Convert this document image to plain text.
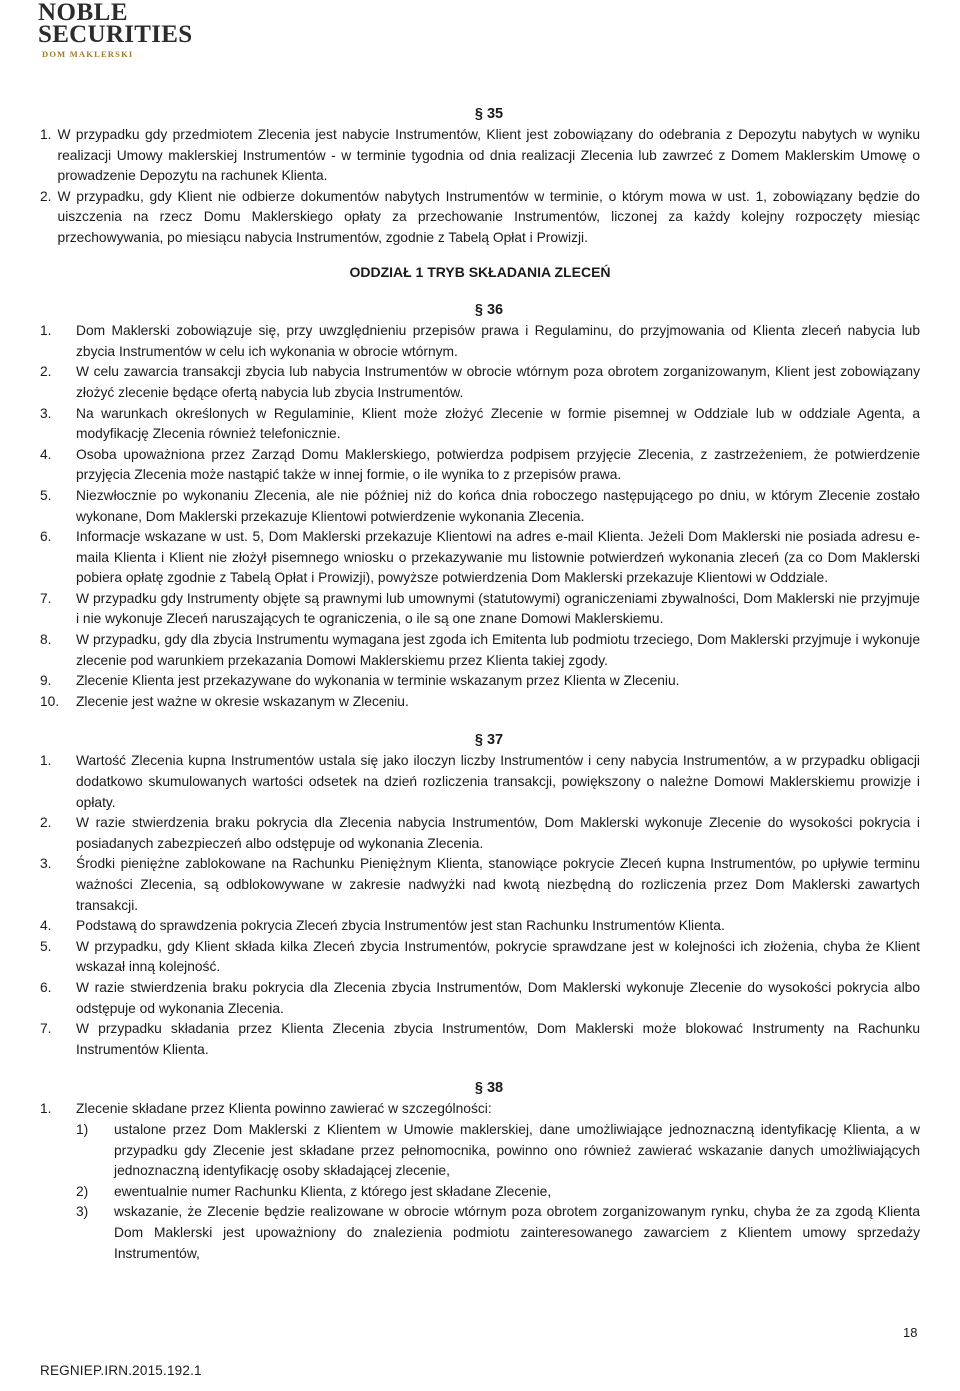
NOBLE
SECURITIES
DOM MAKLERSKI
§ 35
1. W przypadku gdy przedmiotem Zlecenia jest nabycie Instrumentów, Klient jest zobowiązany do odebrania z Depozytu nabytych w wyniku realizacji Umowy maklerskiej Instrumentów - w terminie tygodnia od dnia realizacji Zlecenia lub zawrzeć z Domem Maklerskim Umowę o prowadzenie Depozytu na rachunek Klienta.
2. W przypadku, gdy Klient nie odbierze dokumentów nabytych Instrumentów w terminie, o którym mowa w ust. 1, zobowiązany będzie do uiszczenia na rzecz Domu Maklerskiego opłaty za przechowanie Instrumentów, liczonej za każdy kolejny rozpoczęty miesiąc przechowywania, po miesiącu nabycia Instrumentów, zgodnie z Tabelą Opłat i Prowizji.
ODDZIAŁ 1 TRYB SKŁADANIA ZLECEŃ
§ 36
1.	Dom Maklerski zobowiązuje się, przy uwzględnieniu przepisów prawa i Regulaminu, do przyjmowania od Klienta zleceń nabycia lub zbycia Instrumentów w celu ich wykonania w obrocie wtórnym.
2.	W celu zawarcia transakcji zbycia lub nabycia Instrumentów w obrocie wtórnym poza obrotem zorganizowanym, Klient jest zobowiązany złożyć zlecenie będące ofertą nabycia lub zbycia Instrumentów.
3.	Na warunkach określonych w Regulaminie, Klient może złożyć Zlecenie w formie pisemnej w Oddziale lub w oddziale Agenta, a modyfikację Zlecenia również telefonicznie.
4.	Osoba upoważniona przez Zarząd Domu Maklerskiego, potwierdza podpisem przyjęcie Zlecenia, z zastrzeżeniem, że potwierdzenie przyjęcia Zlecenia może nastąpić także w innej formie, o ile wynika to z przepisów prawa.
5.	Niezwłocznie po wykonaniu Zlecenia, ale nie później niż do końca dnia roboczego następującego po dniu, w którym Zlecenie zostało wykonane, Dom Maklerski przekazuje Klientowi potwierdzenie wykonania Zlecenia.
6.	Informacje wskazane w ust. 5, Dom Maklerski przekazuje Klientowi na adres e-mail Klienta. Jeżeli Dom Maklerski nie posiada adresu e-maila Klienta i Klient nie złożył pisemnego wniosku o przekazywanie mu listownie potwierdzeń wykonania zleceń (za co Dom Maklerski pobiera opłatę zgodnie z Tabelą Opłat i Prowizji), powyższe potwierdzenia Dom Maklerski przekazuje Klientowi w Oddziale.
7.	W przypadku gdy Instrumenty objęte są prawnymi lub umownymi (statutowymi) ograniczeniami zbywalności, Dom Maklerski nie przyjmuje i nie wykonuje Zleceń naruszających te ograniczenia, o ile są one znane Domowi Maklerskiemu.
8.	W przypadku, gdy dla zbycia Instrumentu wymagana jest zgoda ich Emitenta lub podmiotu trzeciego, Dom Maklerski przyjmuje i wykonuje zlecenie pod warunkiem przekazania Domowi Maklerskiemu przez Klienta takiej zgody.
9.	Zlecenie Klienta jest przekazywane do wykonania w terminie wskazanym przez Klienta w Zleceniu.
10.	Zlecenie jest ważne w okresie wskazanym w Zleceniu.
§ 37
1.	Wartość Zlecenia kupna Instrumentów ustala się jako iloczyn liczby Instrumentów i ceny nabycia Instrumentów, a w przypadku obligacji dodatkowo skumulowanych wartości odsetek na dzień rozliczenia transakcji, powiększony o należne Domowi Maklerskiemu prowizje i opłaty.
2.	W razie stwierdzenia braku pokrycia dla Zlecenia nabycia Instrumentów, Dom Maklerski wykonuje Zlecenie do wysokości pokrycia i posiadanych zabezpieczeń albo odstępuje od wykonania Zlecenia.
3.	Środki pieniężne zablokowane na Rachunku Pieniężnym Klienta, stanowiące pokrycie Zleceń kupna Instrumentów, po upływie terminu ważności Zlecenia, są odblokowywane w zakresie nadwyżki nad kwotą niezbędną do rozliczenia przez Dom Maklerski zawartych transakcji.
4.	Podstawą do sprawdzenia pokrycia Zleceń zbycia Instrumentów jest stan Rachunku Instrumentów Klienta.
5.	W przypadku, gdy Klient składa kilka Zleceń zbycia Instrumentów, pokrycie sprawdzane jest w kolejności ich złożenia, chyba że Klient wskazał inną kolejność.
6.	W razie stwierdzenia braku pokrycia dla Zlecenia zbycia Instrumentów, Dom Maklerski wykonuje Zlecenie do wysokości pokrycia albo odstępuje od wykonania Zlecenia.
7.	W przypadku składania przez Klienta Zlecenia zbycia Instrumentów, Dom Maklerski może blokować Instrumenty na Rachunku Instrumentów Klienta.
§ 38
1.	Zlecenie składane przez Klienta powinno zawierać w szczególności:
1)	ustalone przez Dom Maklerski z Klientem w Umowie maklerskiej, dane umożliwiające jednoznaczną identyfikację Klienta, a w przypadku gdy Zlecenie jest składane przez pełnomocnika, powinno ono również zawierać wskazanie danych umożliwiających jednoznaczną identyfikację osoby składającej zlecenie,
2)	ewentualnie numer Rachunku Klienta, z którego jest składane Zlecenie,
3)	wskazanie, że Zlecenie będzie realizowane w obrocie wtórnym poza obrotem zorganizowanym rynku, chyba że za zgodą Klienta Dom Maklerski jest upoważniony do znalezienia podmiotu zainteresowanego zawarciem z Klientem umowy sprzedaży Instrumentów,
18
REGNIEP.IRN.2015.192.1
